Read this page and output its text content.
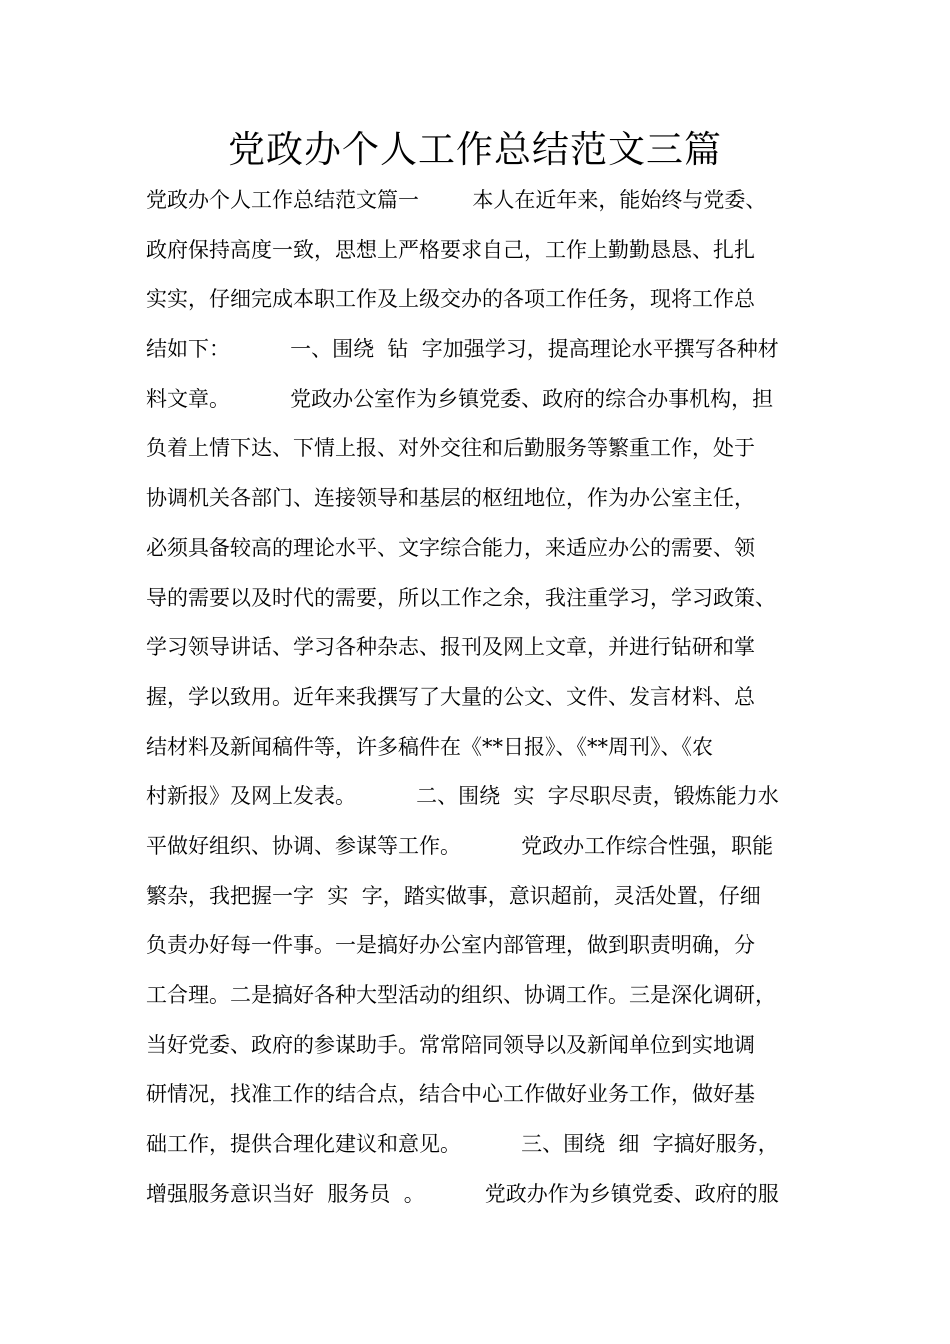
党政办个人工作总结范文三篇
党政办个人工作总结范文篇一        本人在近年来，能始终与党委、
政府保持高度一致，思想上严格要求自己，工作上勤勤恳恳、扎扎
实实，仔细完成本职工作及上级交办的各项工作任务，现将工作总
结如下：         一、围绕  钻  字加强学习，提高理论水平撰写各种材
料文章。         党政办公室作为乡镇党委、政府的综合办事机构，担
负着上情下达、下情上报、对外交往和后勤服务等繁重工作，处于
协调机关各部门、连接领导和基层的枢纽地位，作为办公室主任，
必须具备较高的理论水平、文字综合能力，来适应办公的需要、领
导的需要以及时代的需要，所以工作之余，我注重学习，学习政策、
学习领导讲话、学习各种杂志、报刊及网上文章，并进行钻研和掌
握，学以致用。近年来我撰写了大量的公文、文件、发言材料、总
结材料及新闻稿件等，许多稿件在《**日报》、《**周刊》、《农
村新报》及网上发表。         二、围绕  实  字尽职尽责，锻炼能力水
平做好组织、协调、参谋等工作。         党政办工作综合性强，职能
繁杂，我把握一字  实  字，踏实做事，意识超前，灵活处置，仔细
负责办好每一件事。一是搞好办公室内部管理，做到职责明确，分
工合理。二是搞好各种大型活动的组织、协调工作。三是深化调研，
当好党委、政府的参谋助手。常常陪同领导以及新闻单位到实地调
研情况，找准工作的结合点，结合中心工作做好业务工作，做好基
础工作，提供合理化建议和意见。         三、围绕  细  字搞好服务，
增强服务意识当好  服务员  。         党政办作为乡镇党委、政府的服
